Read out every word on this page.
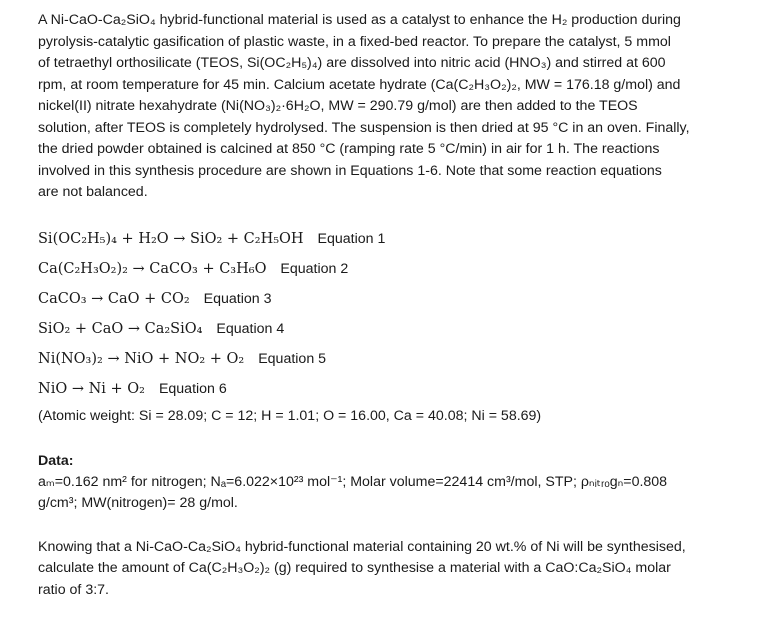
A Ni-CaO-Ca₂SiO₄ hybrid-functional material is used as a catalyst to enhance the H₂ production during
pyrolysis-catalytic gasification of plastic waste, in a fixed-bed reactor. To prepare the catalyst, 5 mmol
of tetraethyl orthosilicate (TEOS, Si(OC₂H₅)₄) are dissolved into nitric acid (HNO₃) and stirred at 600
rpm, at room temperature for 45 min. Calcium acetate hydrate (Ca(C₂H₃O₂)₂, MW = 176.18 g/mol) and
nickel(II) nitrate hexahydrate (Ni(NO₃)₂·6H₂O, MW = 290.79 g/mol) are then added to the TEOS
solution, after TEOS is completely hydrolysed. The suspension is then dried at 95 °C in an oven. Finally,
the dried powder obtained is calcined at 850 °C (ramping rate 5 °C/min) in air for 1 h. The reactions
involved in this synthesis procedure are shown in Equations 1-6. Note that some reaction equations
are not balanced.
Si(OC₂H₅)₄ + H₂O → SiO₂ + C₂H₅OH Equation 1
Ca(C₂H₃O₂)₂ → CaCO₃ + C₃H₆O Equation 2
CaCO₃ → CaO + CO₂ Equation 3
SiO₂ + CaO → Ca₂SiO₄ Equation 4
Ni(NO₃)₂ → NiO + NO₂ + O₂ Equation 5
NiO → Ni + O₂ Equation 6
(Atomic weight: Si = 28.09; C = 12; H = 1.01; O = 16.00, Ca = 40.08; Ni = 58.69)
Data:
aₘ=0.162 nm² for nitrogen; Nₐ=6.022×10²³ mol⁻¹; Molar volume=22414 cm³/mol, STP; ρₙᵢₜᵣₒgₙ=0.808
g/cm³; MW(nitrogen)= 28 g/mol.
Knowing that a Ni-CaO-Ca₂SiO₄ hybrid-functional material containing 20 wt.% of Ni will be synthesised,
calculate the amount of Ca(C₂H₃O₂)₂ (g) required to synthesise a material with a CaO:Ca₂SiO₄ molar
ratio of 3:7.
